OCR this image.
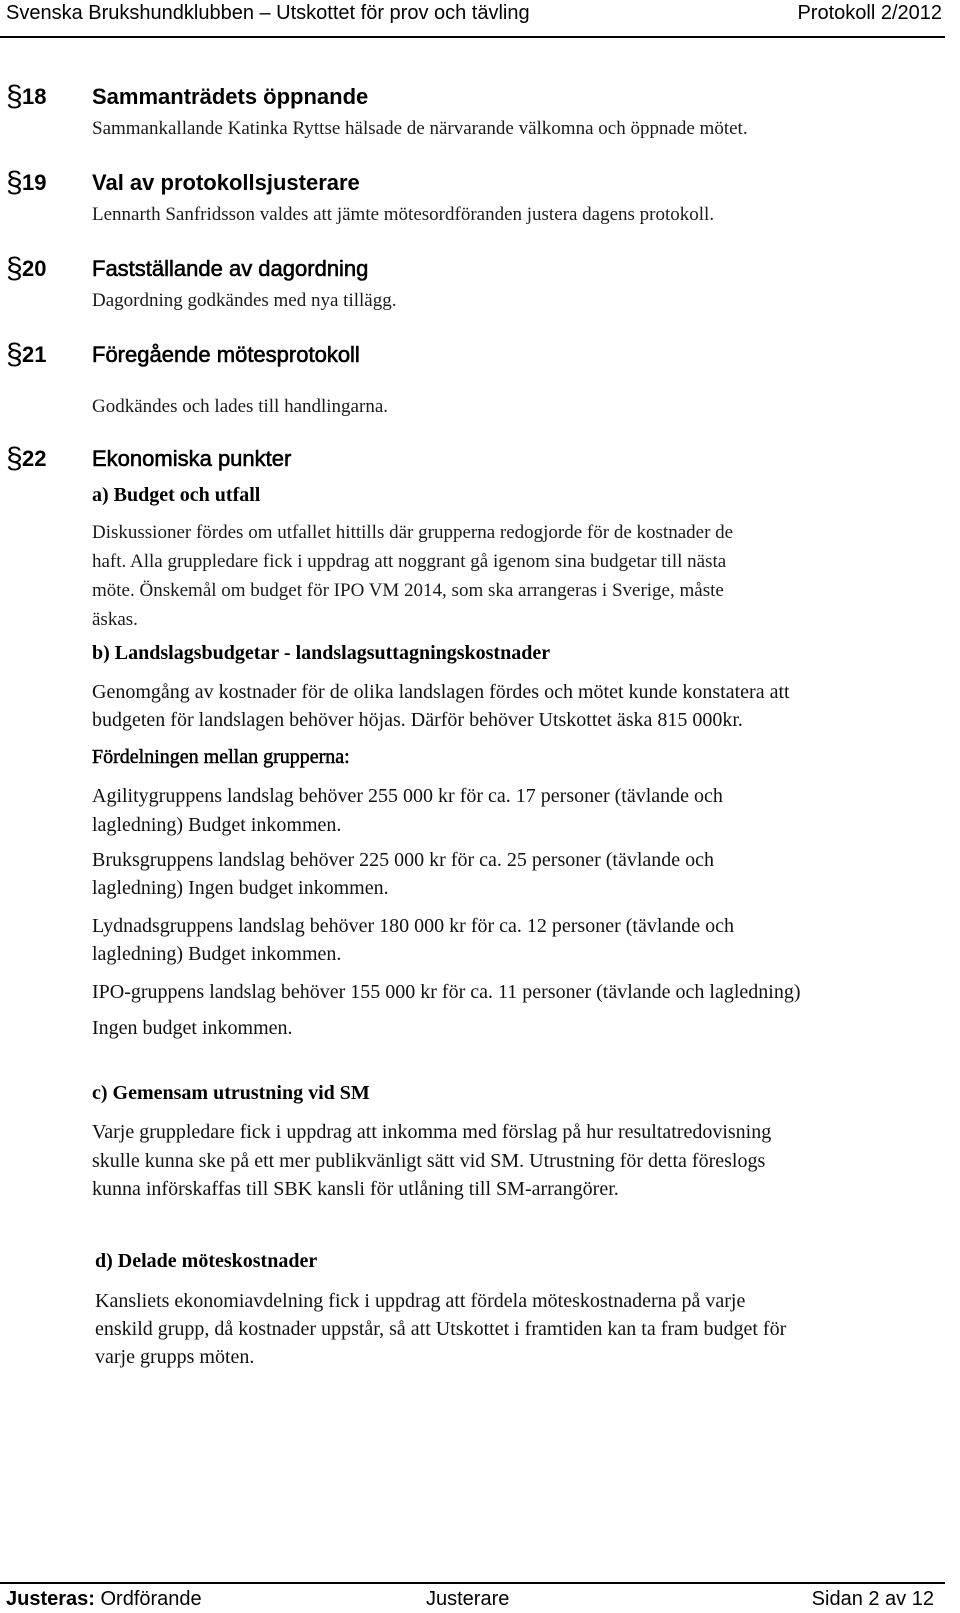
Svenska Brukshundklubben – Utskottet för prov och tävling	Protokoll 2/2012
§ 18 Sammanträdets öppnande
Sammankallande Katinka Ryttse hälsade de närvarande välkomna och öppnade mötet.
§ 19 Val av protokollsjusterare
Lennarth Sanfridsson valdes att jämte mötesordföranden justera dagens protokoll.
§ 20 Fastställande av dagordning
Dagordning godkändes med nya tillägg.
§ 21 Föregående mötesprotokoll
Godkändes och lades till handlingarna.
§ 22 Ekonomiska punkter
a) Budget och utfall
Diskussioner fördes om utfallet hittills där grupperna redogjorde för de kostnader de
haft. Alla gruppledare fick i uppdrag att noggrant gå igenom sina budgetar till nästa
möte. Önskemål om budget för IPO VM 2014, som ska arrangeras i Sverige, måste
äskas.
b) Landslagsbudgetar - landslagsuttagningskostnader
Genomgång av kostnader för de olika landslagen fördes och mötet kunde konstatera att
budgeten för landslagen behöver höjas. Därför behöver Utskottet äska 815 000kr.
Fördelningen mellan grupperna:
Agilitygruppens landslag behöver 255 000 kr för ca. 17 personer (tävlande och
lagledning) Budget inkommen.
Bruksgruppens landslag behöver 225 000 kr för ca. 25 personer (tävlande och
lagledning) Ingen budget inkommen.
Lydnadsgruppens landslag behöver 180 000 kr för ca. 12 personer (tävlande och
lagledning) Budget inkommen.
IPO-gruppens landslag behöver 155 000 kr för ca. 11 personer (tävlande och lagledning)
Ingen budget inkommen.
c) Gemensam utrustning vid SM
Varje gruppledare fick i uppdrag att inkomma med förslag på hur resultatredovisning
skulle kunna ske på ett mer publikvänligt sätt vid SM. Utrustning för detta föreslogs
kunna införskaffas till SBK kansli för utlåning till SM-arrangörer.
d) Delade möteskostnader
Kansliets ekonomiavdelning fick i uppdrag att fördela möteskostnaderna på varje
enskild grupp, då kostnader uppstår, så att Utskottet i framtiden kan ta fram budget för
varje grupps möten.
Justeras: Ordförande	Justerare	Sidan 2 av 12
